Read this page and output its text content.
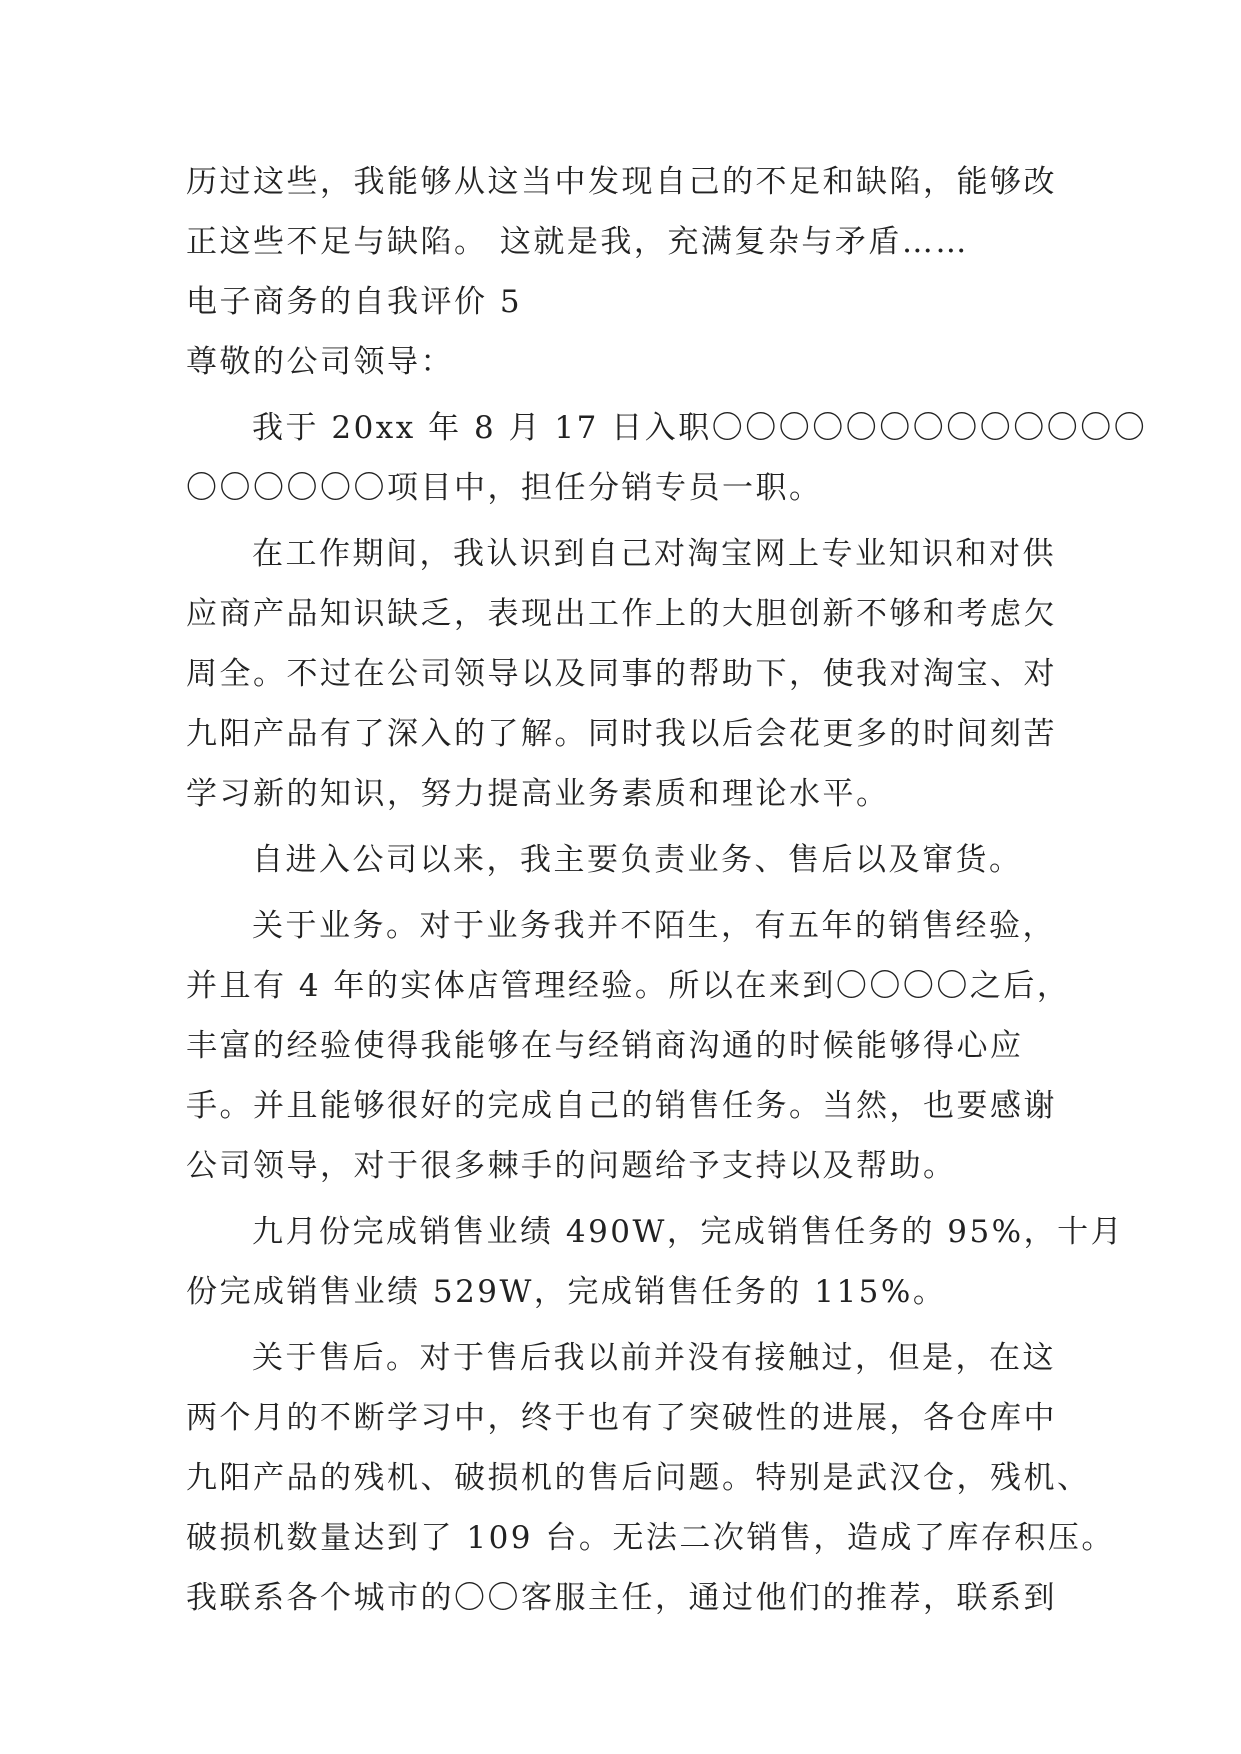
历过这些，我能够从这当中发现自己的不足和缺陷，能够改
正这些不足与缺陷。 这就是我，充满复杂与矛盾……
电子商务的自我评价 5
尊敬的公司领导：
我于 20xx 年 8 月 17 日入职〇〇〇〇〇〇〇〇〇〇〇〇〇
〇〇〇〇〇〇项目中，担任分销专员一职。
在工作期间，我认识到自己对淘宝网上专业知识和对供
应商产品知识缺乏，表现出工作上的大胆创新不够和考虑欠
周全。不过在公司领导以及同事的帮助下，使我对淘宝、对
九阳产品有了深入的了解。同时我以后会花更多的时间刻苦
学习新的知识，努力提高业务素质和理论水平。
自进入公司以来，我主要负责业务、售后以及窜货。
关于业务。对于业务我并不陌生，有五年的销售经验，
并且有 4 年的实体店管理经验。所以在来到〇〇〇〇之后，
丰富的经验使得我能够在与经销商沟通的时候能够得心应
手。并且能够很好的完成自己的销售任务。当然，也要感谢
公司领导，对于很多棘手的问题给予支持以及帮助。
九月份完成销售业绩 490W，完成销售任务的 95%，十月
份完成销售业绩 529W，完成销售任务的 115%。
关于售后。对于售后我以前并没有接触过，但是，在这
两个月的不断学习中，终于也有了突破性的进展，各仓库中
九阳产品的残机、破损机的售后问题。特别是武汉仓，残机、
破损机数量达到了 109 台。无法二次销售，造成了库存积压。
我联系各个城市的〇〇客服主任，通过他们的推荐，联系到
